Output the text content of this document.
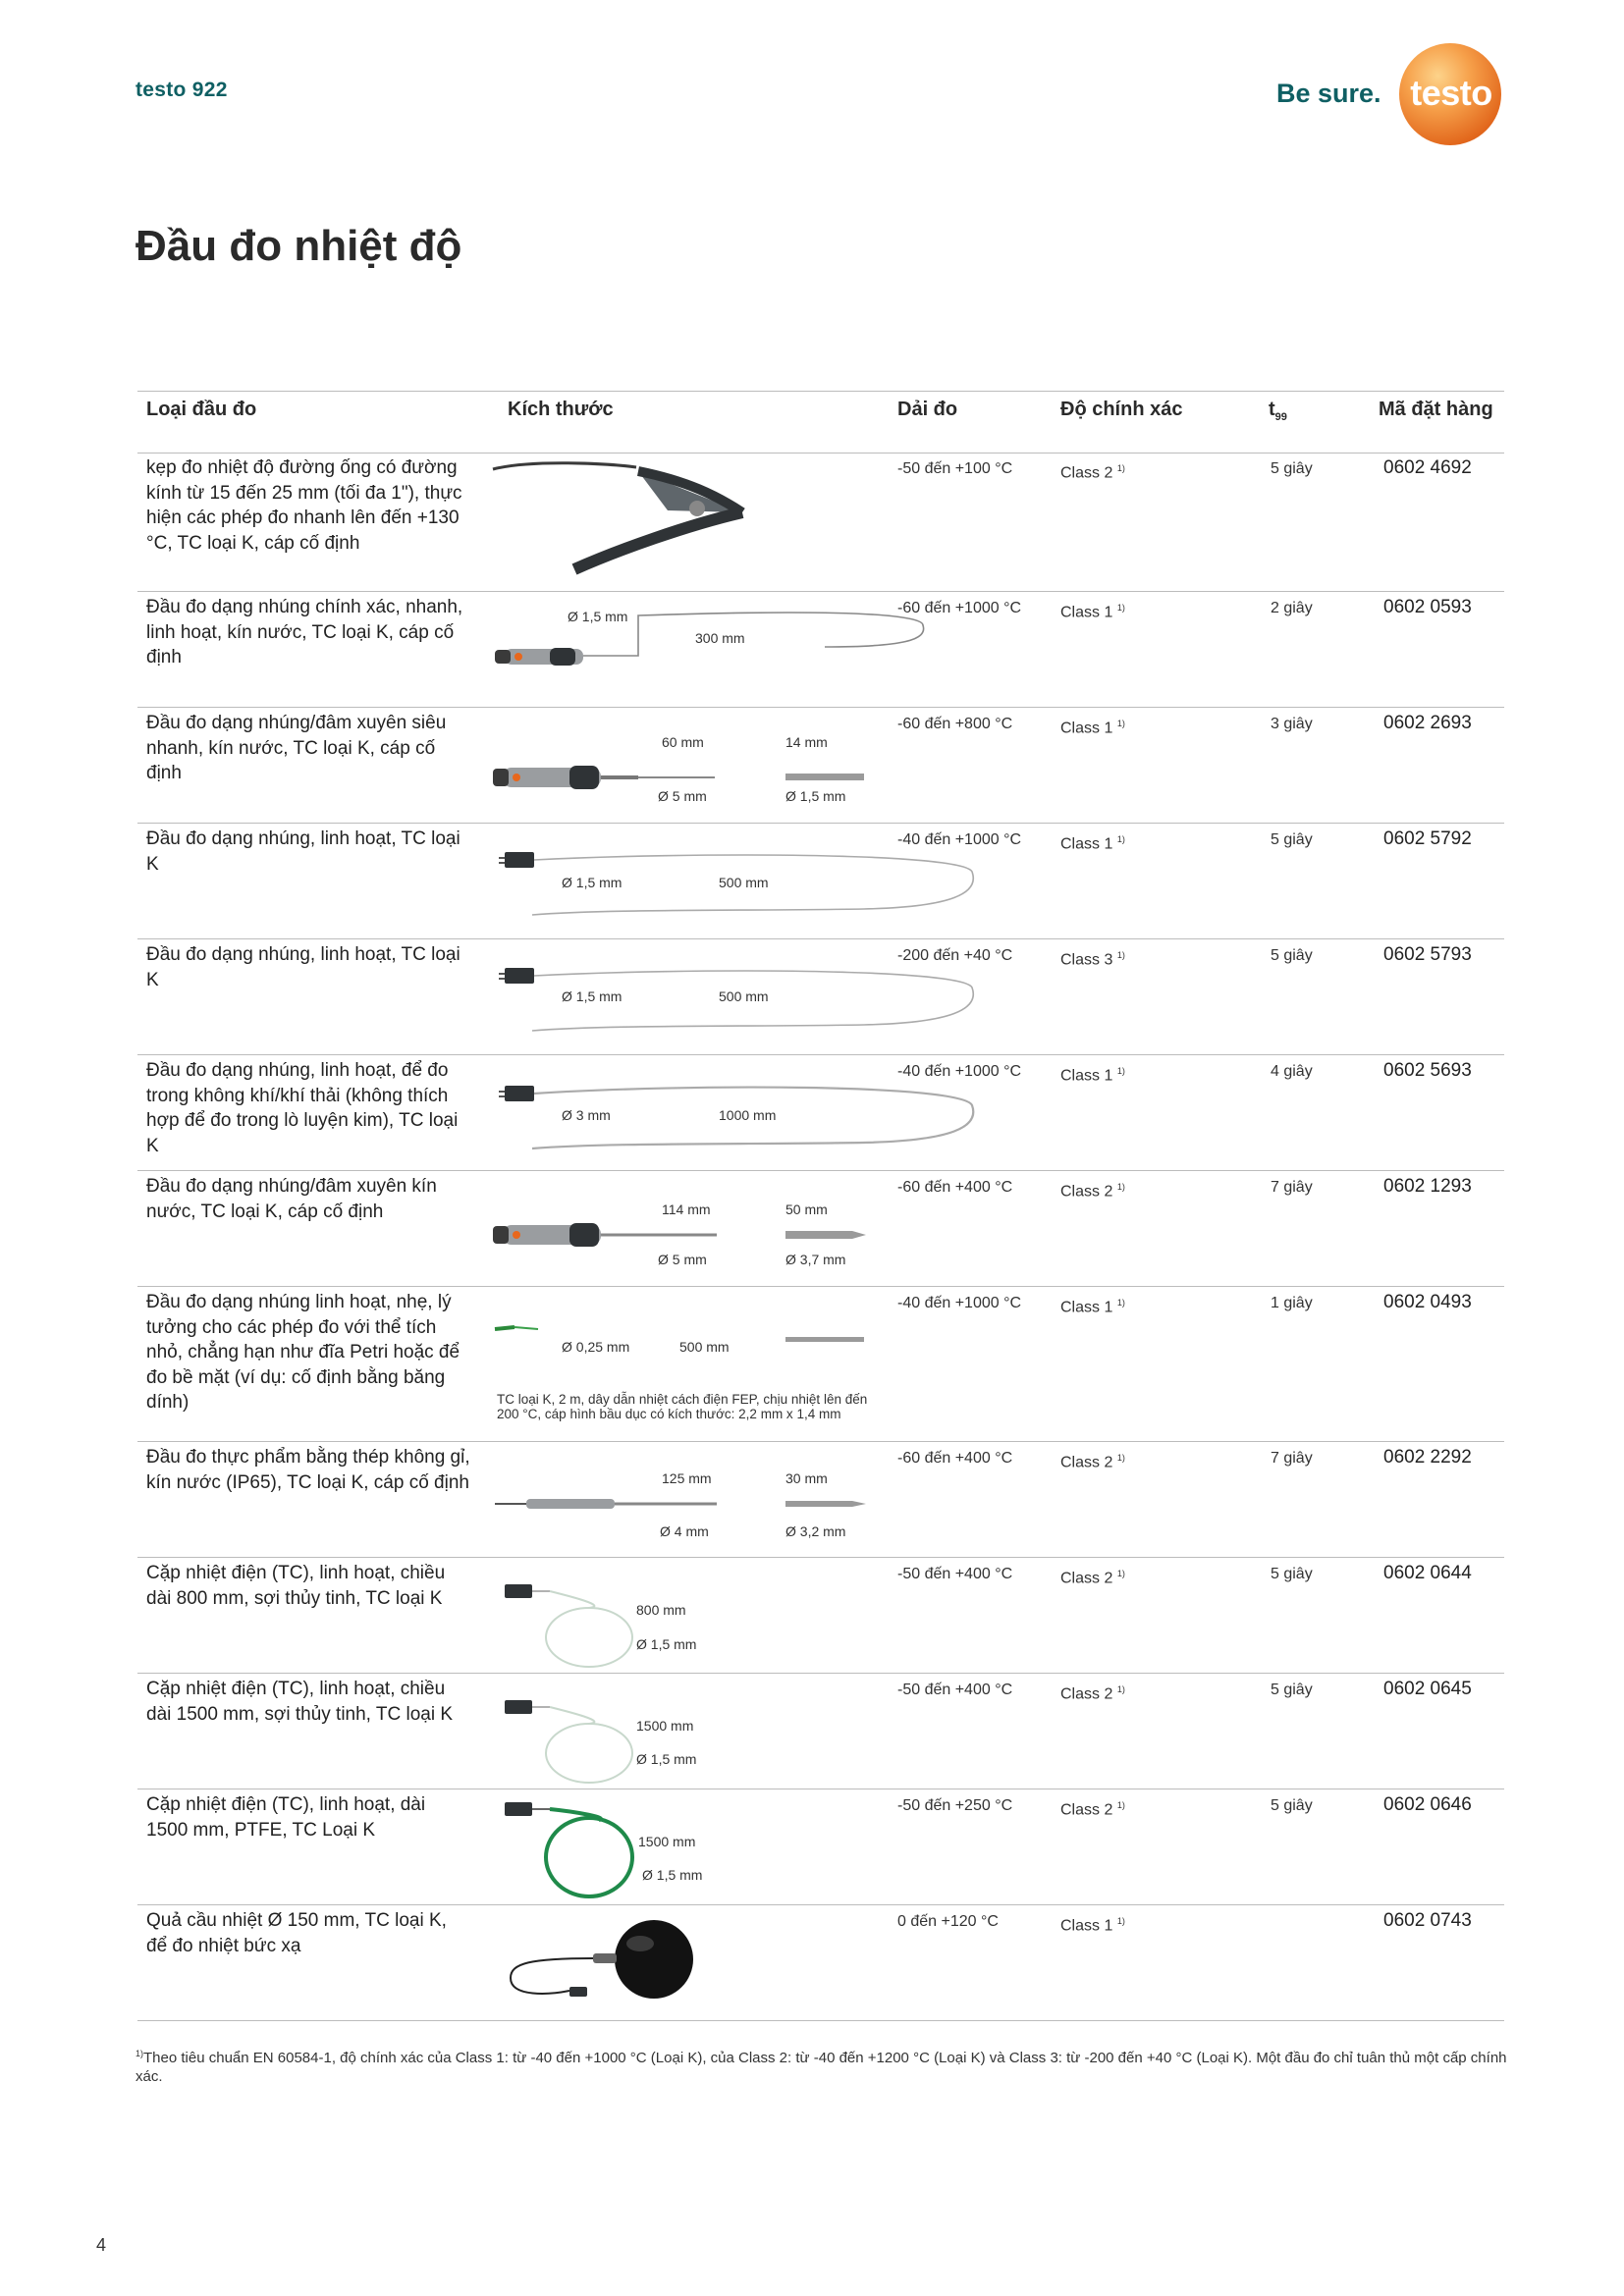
testo 922	Be sure. testo
Đầu đo nhiệt độ
Loại đầu đo	Kích thước	Dải đo	Độ chính xác	$t_{99}$	Mã đặt hàng
kẹp đo nhiệt độ đường ống có đường kính từ 15 đến 25 mm (tối đa 1"), thực hiện các phép đo nhanh lên đến +130 °C, TC loại K, cáp cố định
-50 đến +100 °C	Class 2 $^{1)}$	5 giây	0602 4692
Đầu đo dạng nhúng chính xác, nhanh, linh hoạt, kín nước, TC loại K, cáp cố định
Ø 1,5 mm
300 mm
-60 đến +1000 °C Class 1 $^{1)}$	2 giây	0602 0593
Đầu đo dạng nhúng/đâm xuyên siêu nhanh, kín nước, TC loại K, cáp cố định
60 mm	14 mm
Ø 5 mm	Ø 1,5 mm
-60 đến +800 °C	Class 1 $^{1)}$	3 giây	0602 2693
Đầu đo dạng nhúng, linh hoạt, TC loại K
Ø 1,5 mm	500 mm
-40 đến +1000 °C Class 1 $^{1)}$	5 giây	0602 5792
Đầu đo dạng nhúng, linh hoạt, TC loại K
Ø 1,5 mm	500 mm
-200 đến +40 °C	Class 3 $^{1)}$	5 giây	0602 5793
Đầu đo dạng nhúng, linh hoạt, để đo trong không khí/khí thải (không thích hợp để đo trong lò luyện kim), TC loại K
Ø 3 mm	1000 mm
-40 đến +1000 °C Class 1 $^{1)}$	4 giây	0602 5693
Đầu đo dạng nhúng/đâm xuyên kín nước, TC loại K, cáp cố định	114 mm	50 mm
Ø 5 mm	Ø 3,7 mm
-60 đến +400 °C	Class 2 $^{1)}$	7 giây	0602 1293
Đầu đo dạng nhúng linh hoạt, nhẹ, lý tưởng cho các phép đo với thể tích nhỏ, chẳng hạn như đĩa Petri hoặc để đo bề mặt (ví dụ: cố định bằng băng dính)
Ø 0,25 mm	500 mm
TC loại K, 2 m, dây dẫn nhiệt cách điện FEP, chịu nhiệt lên đến 200 °C, cáp hình bầu dục có kích thước: 2,2 mm x 1,4 mm
-40 đến +1000 °C Class 1 $^{1)}$	1 giây	0602 0493
Đầu đo thực phẩm bằng thép không gỉ, kín nước (IP65), TC loại K, cáp cố định	125 mm	30 mm
Ø 4 mm	Ø 3,2 mm
-60 đến +400 °C	Class 2 $^{1)}$	7 giây	0602 2292
Cặp nhiệt điện (TC), linh hoạt, chiều dài 800 mm, sợi thủy tinh, TC loại K
800 mm
Ø 1,5 mm
-50 đến +400 °C	Class 2 $^{1)}$	5 giây	0602 0644
Cặp nhiệt điện (TC), linh hoạt, chiều dài 1500 mm, sợi thủy tinh, TC loại K
1500 mm
Ø 1,5 mm
-50 đến +400 °C	Class 2 $^{1)}$	5 giây	0602 0645
Cặp nhiệt điện (TC), linh hoạt, dài 1500 mm, PTFE, TC Loại K
1500 mm
Ø 1,5 mm
-50 đến +250 °C	Class 2 $^{1)}$	5 giây	0602 0646
Quả cầu nhiệt Ø 150 mm, TC loại K, để đo nhiệt bức xạ
0 đến +120 °C	Class 1 $^{1)}$	0602 0743
$^{1)}$Theo tiêu chuẩn EN 60584-1, độ chính xác của Class 1: từ -40 đến +1000 °C (Loại K), của Class 2: từ -40 đến +1200 °C (Loại K) và Class 3: từ -200 đến +40 °C (Loại K). Một đầu đo chỉ tuân thủ một cấp chính xác.
4
